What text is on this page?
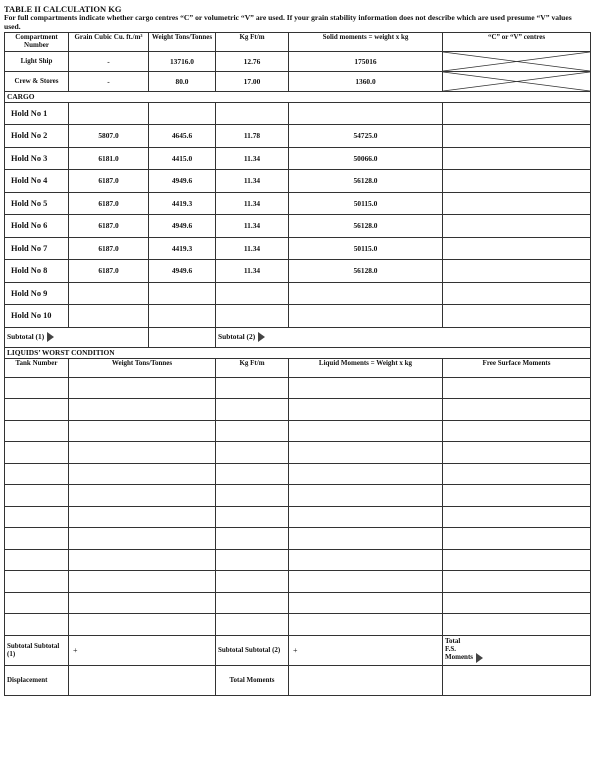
TABLE II CALCULATION KG
For full compartments indicate whether cargo centres “C” or volumetric “V” are used. If your grain stability information does not describe which are used presume “V” values used.
Compartment Number	Grain Cubic Cu. ft./m³	Weight Tons/Tonnes	Kg Ft/m	Solid moments = weight x kg	“C” or “V” centres
Light Ship	-	13716.0	12.76	175016	

Crew & Stores	-	80.0	17.00	1360.0	

CARGO					
Hold No 1					
Hold No 2	5807.0	4645.6	11.78	54725.0	
Hold No 3	6181.0	4415.0	11.34	50066.0	
Hold No 4	6187.0	4949.6	11.34	56128.0	
Hold No 5	6187.0	4419.3	11.34	50115.0	
Hold No 6	6187.0	4949.6	11.34	56128.0	
Hold No 7	6187.0	4419.3	11.34	50115.0	
Hold No 8	6187.0	4949.6	11.34	56128.0	
Hold No 9					
Hold No 10					
Subtotal (1)			Subtotal (2)		
LIQUIDS’ WORST CONDITION					
Tank Number	Weight Tons/Tonnes	Kg Ft/m	Liquid Moments = Weight x kg	Free Surface Moments

Subtotal Subtotal (1)	+	Subtotal Subtotal (2)	+	Total F.S. Moments
Displacement		Total Moments		
